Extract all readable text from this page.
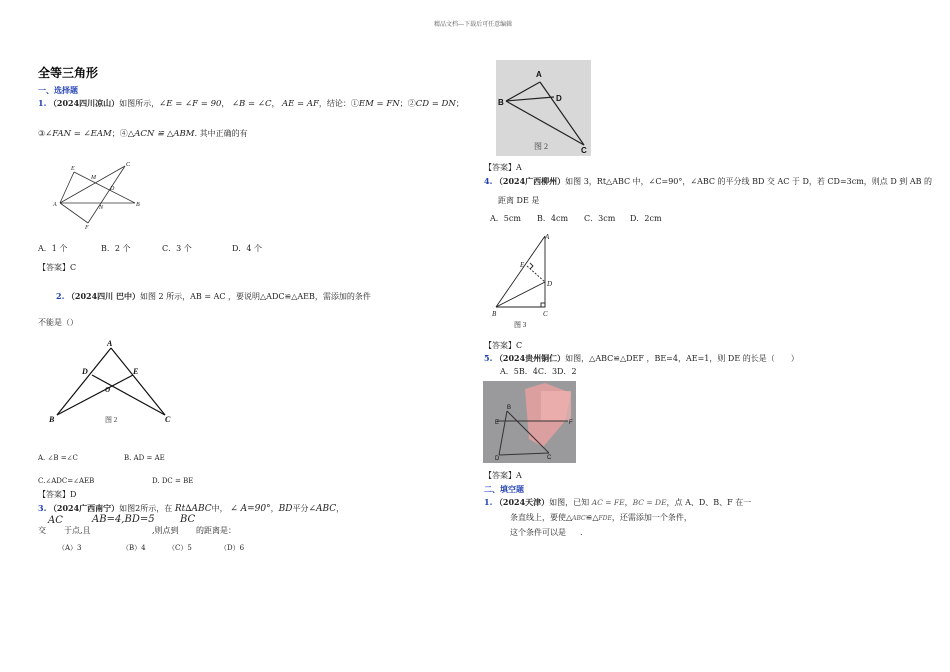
精品文档---下载后可任意编辑
全等三角形
一、选择题
1. （2024四川凉山）如图所示，∠E = ∠F = 90， ∠B = ∠C， AE = AF，结论：①EM = FN；②CD = DN；
③∠FAN = ∠EAM；④△ACN ≌ △ABM. 其中正确的有
E
C
M
D
A	B
N
F
A．1 个	B．2 个	C．3 个	D．4 个
【答案】C
2. （2024四川 巴中）如图 2 所示，AB = AC ，要说明△ADC≌△AEB，需添加的条件
不能是（）
A
D	E
B	C
O
图 2
A. ∠B =∠C	B. AD = AE
C.∠ADC=∠AEB	D. DC = BE
【答案】D
3. （2024广西南宁）如图2所示，在 Rt∆ABC中， ∠ A=90°，BD平分∠ABC，
交
AC
于点,且
AB=4,BD=5
,则点到
BC
的距离是：
（A）3	（B）4	（C）5	（D）6
A
B	D
C
图 2
【答案】A
4. （2024广西柳州）如图 3，Rt△ABC 中，∠C=90°，∠ABC 的平分线 BD 交 AC 于 D，若 CD=3cm，则点 D 到 AB 的
距离 DE 是
A．5cm B．4cm C．3cm D．2cm
A
E
D
B	C
图 3
【答案】C
5. （2024贵州铜仁）如图，△ABC≌△DEF ，BE=4，AE=1，则 DE 的长是（　　）
A．5B．4C．3D．2
B
E	F
D	C
【答案】A
二、填空题
1. （2024天津）如图，已知 AC = FE，BC = DE，点 A、D、B、F 在一
条直线上，要使△ABC≌△FDE，还需添加一个条件，
这个条件可以是 .
